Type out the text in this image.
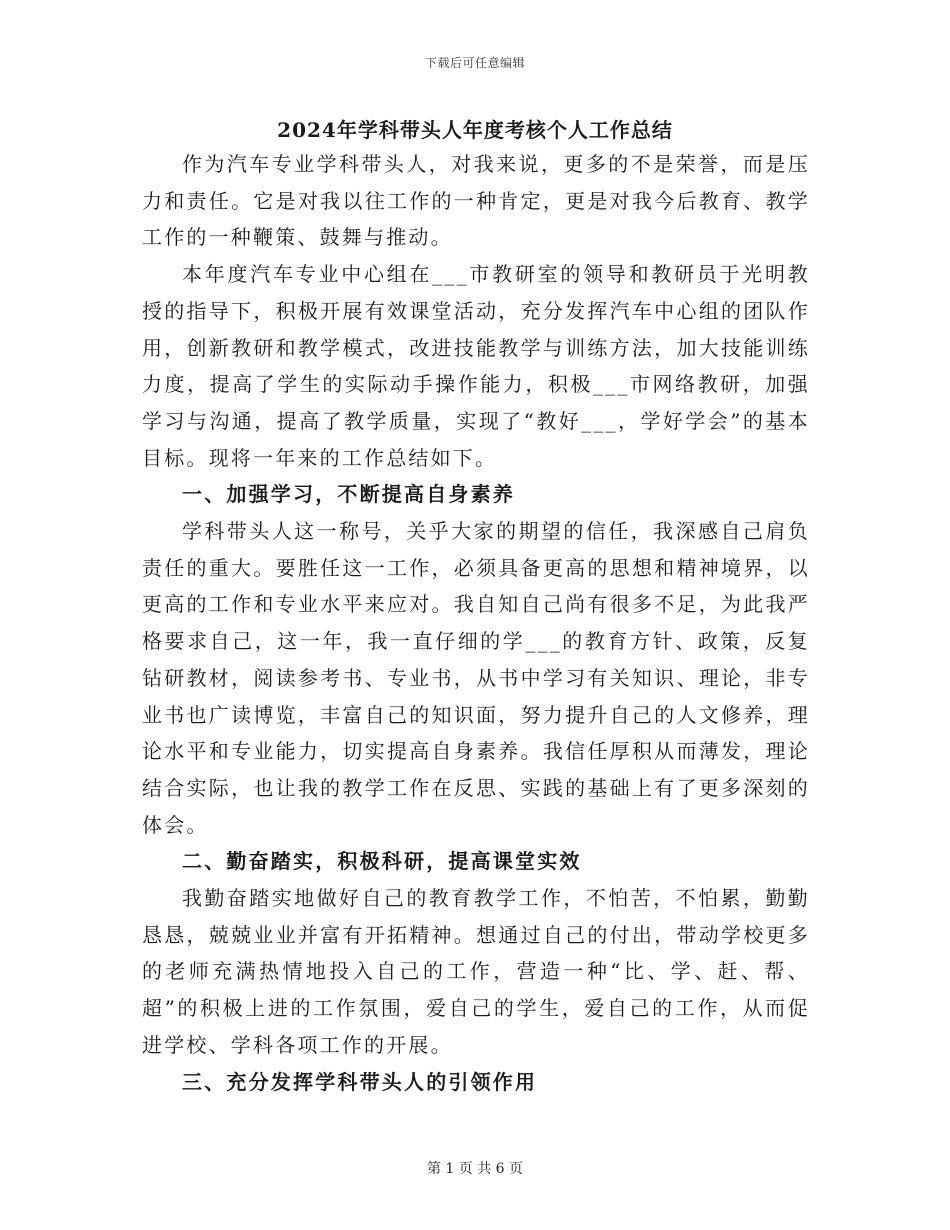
下载后可任意编辑
2024年学科带头人年度考核个人工作总结

作为汽车专业学科带头人，对我来说，更多的不是荣誉，而是压力和责任。它是对我以往工作的一种肯定，更是对我今后教育、教学工作的一种鞭策、鼓舞与推动。

本年度汽车专业中心组在___市教研室的领导和教研员于光明教授的指导下，积极开展有效课堂活动，充分发挥汽车中心组的团队作用，创新教研和教学模式，改进技能教学与训练方法，加大技能训练力度，提高了学生的实际动手操作能力，积极___市网络教研，加强学习与沟通，提高了教学质量，实现了“教好___，学好学会”的基本目标。现将一年来的工作总结如下。

一、加强学习，不断提高自身素养

学科带头人这一称号，关乎大家的期望的信任，我深感自己肩负责任的重大。要胜任这一工作，必须具备更高的思想和精神境界，以更高的工作和专业水平来应对。我自知自己尚有很多不足，为此我严格要求自己，这一年，我一直仔细的学___的教育方针、政策，反复钻研教材，阅读参考书、专业书，从书中学习有关知识、理论，非专业书也广读博览，丰富自己的知识面，努力提升自己的人文修养，理论水平和专业能力，切实提高自身素养。我信任厚积从而薄发，理论结合实际，也让我的教学工作在反思、实践的基础上有了更多深刻的体会。

二、勤奋踏实，积极科研，提高课堂实效

我勤奋踏实地做好自己的教育教学工作，不怕苦，不怕累，勤勤恳恳，兢兢业业并富有开拓精神。想通过自己的付出，带动学校更多的老师充满热情地投入自己的工作，营造一种“比、学、赶、帮、超”的积极上进的工作氛围，爱自己的学生，爱自己的工作，从而促进学校、学科各项工作的开展。

三、充分发挥学科带头人的引领作用

第 1 页 共 6 页
